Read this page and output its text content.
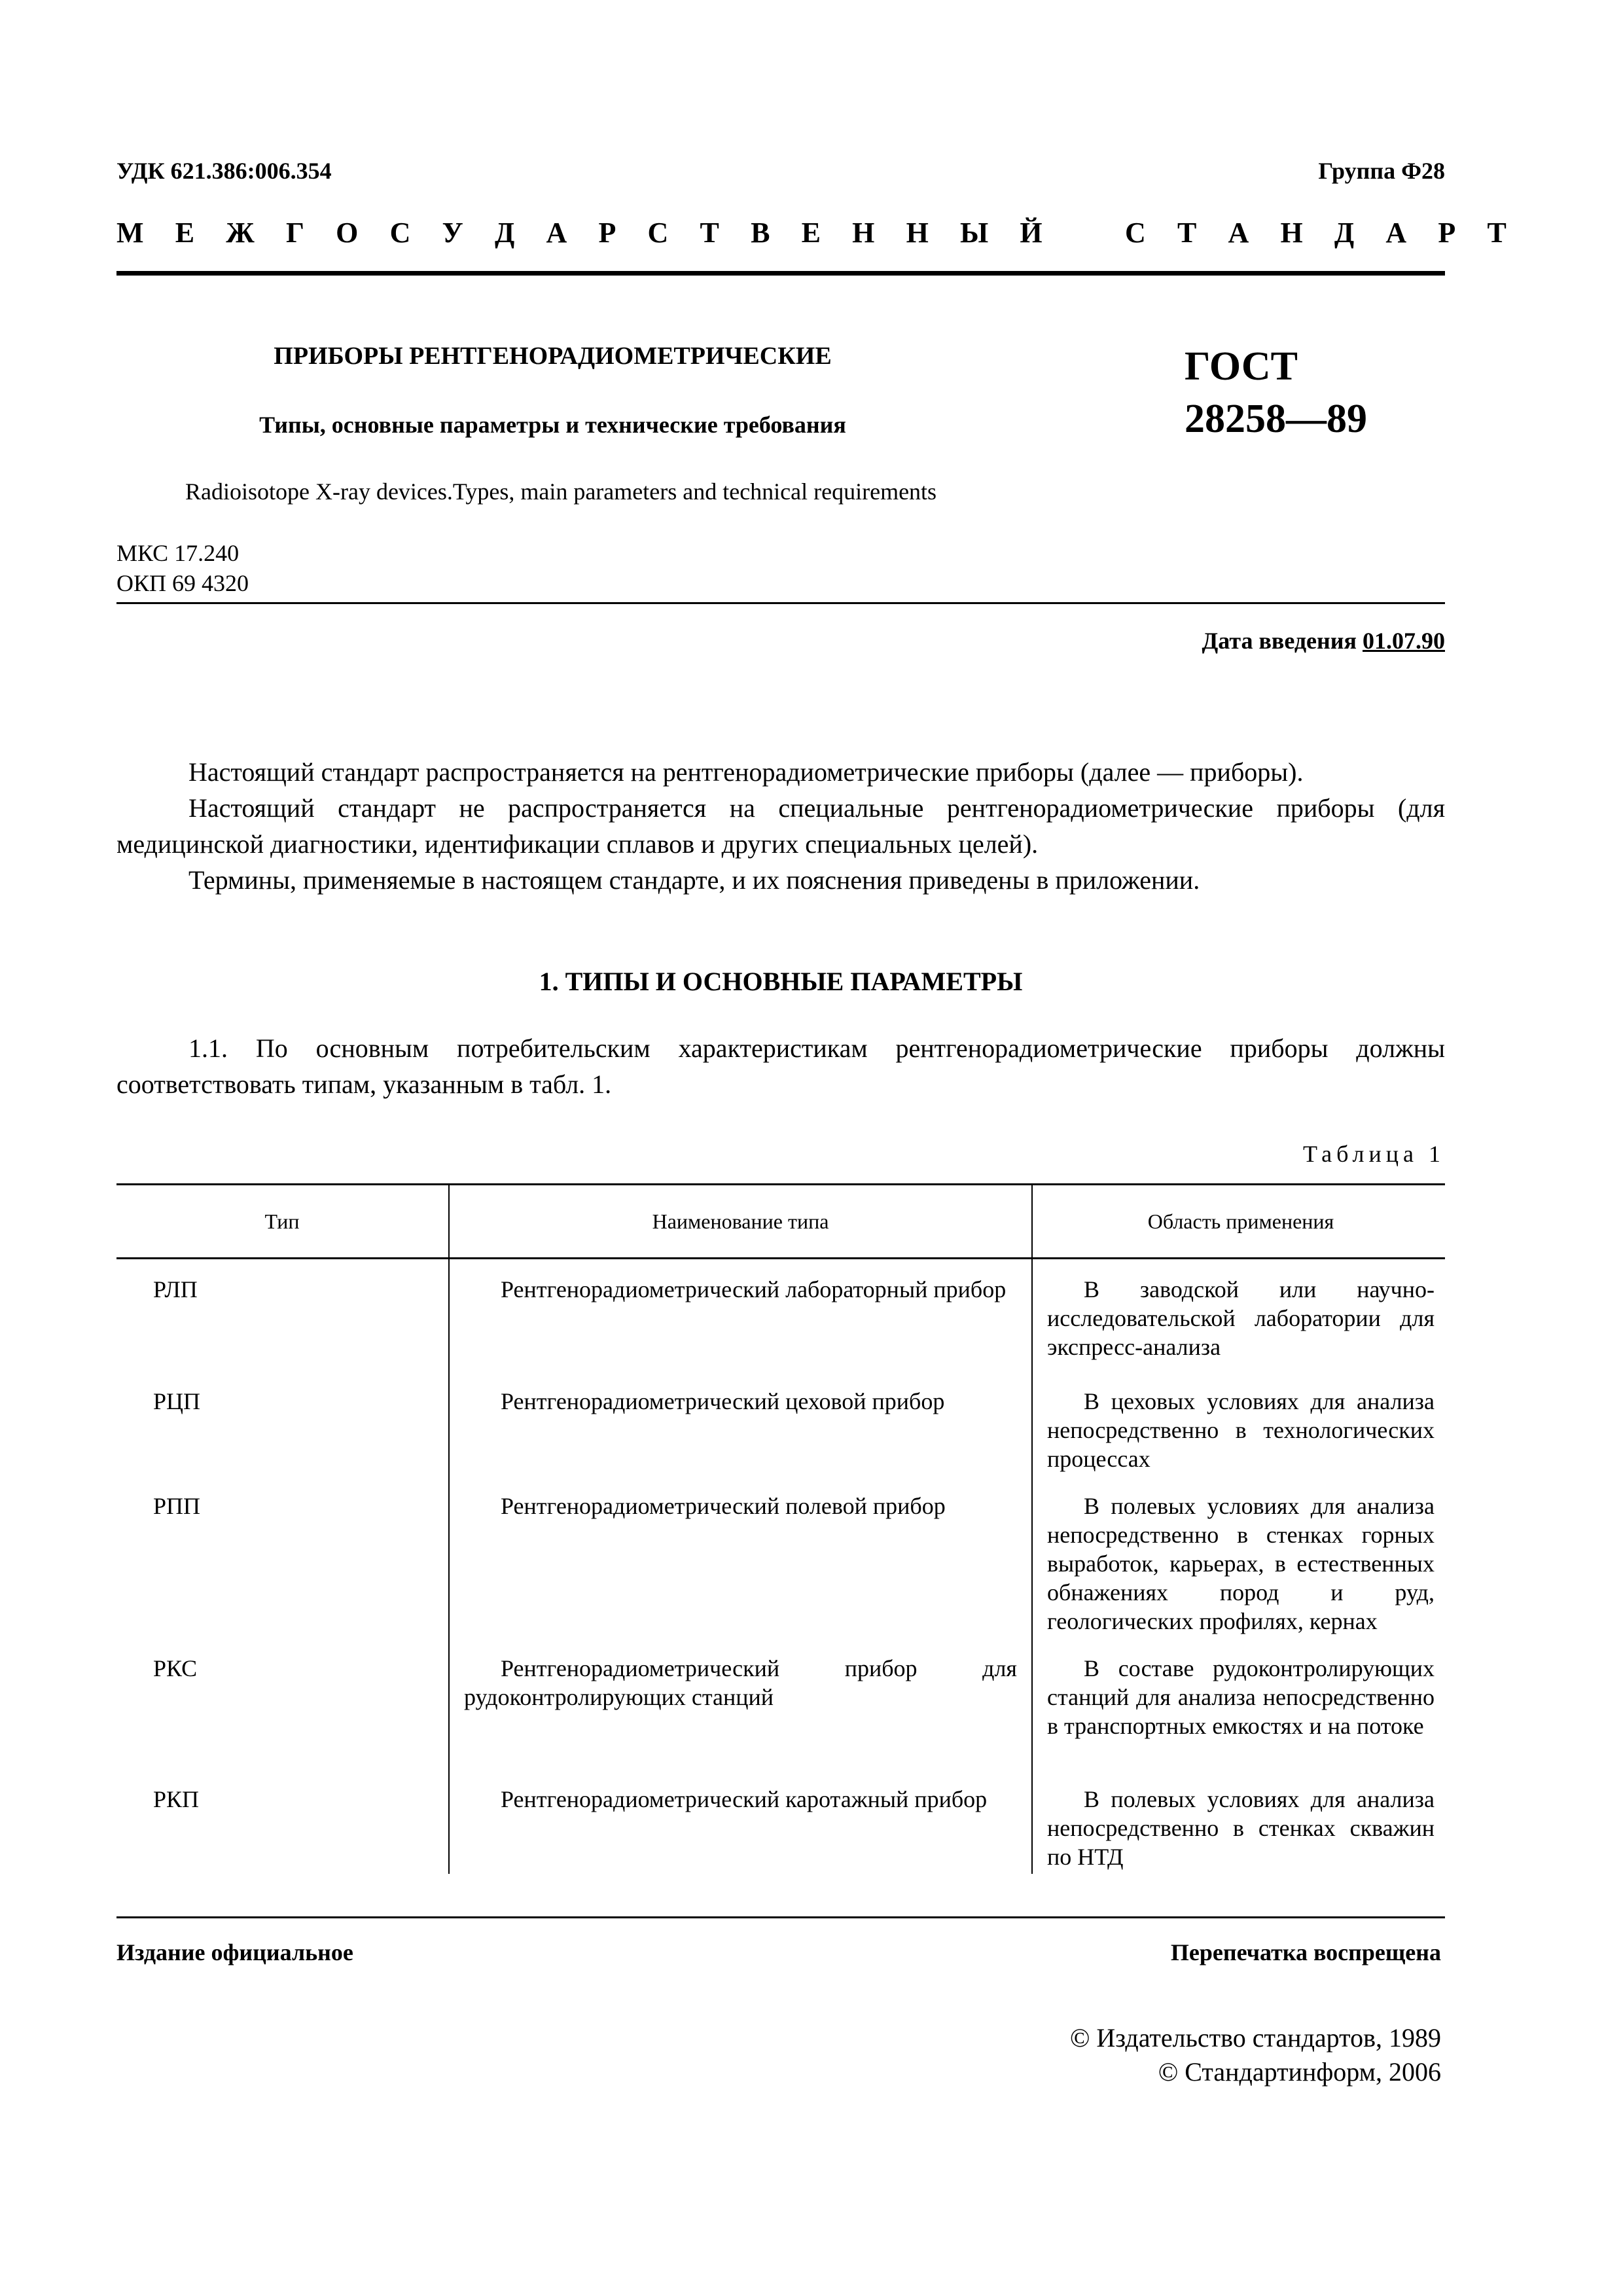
УДК 621.386:006.354	Группа Ф28
М Е Ж Г О С У Д А Р С Т В Е Н Н Ы Й	С Т А Н Д А Р Т
ПРИБОРЫ РЕНТГЕНОРАДИОМЕТРИЧЕСКИЕ
Типы, основные параметры и технические требования
ГОСТ
28258—89
Radioisotope X-ray devices.Types, main parameters and technical requirements
МКС 17.240
ОКП 69 4320
Дата введения 01.07.90

Настоящий стандарт распространяется на рентгенорадиометрические приборы (далее — приборы).

Настоящий стандарт не распространяется на специальные рентгенорадиометрические приборы (для медицинской диагностики, идентификации сплавов и других специальных целей).

Термины, применяемые в настоящем стандарте, и их пояснения приведены в приложении.

1. ТИПЫ И ОСНОВНЫЕ ПАРАМЕТРЫ

1.1. По основным потребительским характеристикам рентгенорадиометрические приборы должны соответствовать типам, указанным в табл. 1.

Таблица 1
Тип	Наименование типа	Область применения
РЛП	Рентгенорадиометрический лабораторный прибор	В заводской или научно-исследовательской лаборатории для экспресс-анализа

РЦП	Рентгенорадиометрический цеховой прибор	В цеховых условиях для анализа непосредственно в технологических процессах

РПП	Рентгенорадиометрический полевой прибор	В полевых условиях для анализа непосредственно в стенках горных выработок, карьерах, в естественных обнажениях пород и руд, геологических профилях, кернах

РКС	Рентгенорадиометрический прибор для рудоконтролирующих станций	В составе рудоконтролирующих станций для анализа непосредственно в транспортных емкостях и на потоке

РКП	Рентгенорадиометрический каротажный прибор	В полевых условиях для анализа непосредственно в стенках скважин по НТД

Издание официальное	Перепечатка воспрещена
© Издательство стандартов, 1989
© Стандартинформ, 2006
